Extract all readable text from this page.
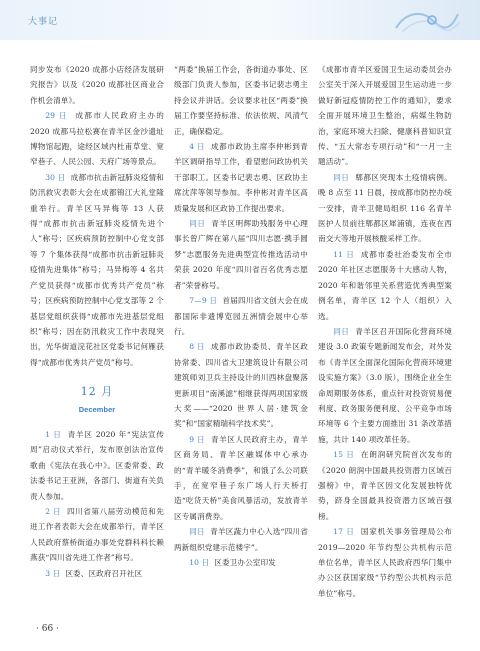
大事记

同步发布《2020 成都小店经济发展研究报告》以及《2020 成都社区商业合作机会清单》。

29 日 成都市人民政府主办的 2020 成都马拉松赛在青羊区金沙遗址博物馆起跑，途经区域内杜甫草堂、宽窄巷子、人民公园、天府广场等景点。

30 日 成都市抗击新冠肺炎疫情和防汛救灾表彰大会在成都锦江大礼堂隆重举行。青羊区马异梅等 13 人获得“成都市抗击新冠肺炎疫情先进个人”称号；区疾病预防控制中心党支部等 7 个集体获得“成都市抗击新冠肺炎疫情先进集体”称号；马异梅等 4 名共产党员获得“成都市优秀共产党员”称号；区疾病预防控制中心党支部等 2 个基层党组织获得“成都市先进基层党组织”称号；因在防汛救灾工作中表现突出，光华街道浣花社区党委书记何雁获得“成都市优秀共产党员”称号。

12 月
December

1 日 青羊区 2020 年“宪法宣传周”启动仪式举行，发布原创法治宣传歌曲《宪法在我心中》。区委常委、政法委书记王亚洲，各部门、街道有关负责人参加。

2 日 四川省第八届劳动模范和先进工作者表彰大会在成都举行，青羊区人民政府蔡桥街道办事处党群科科长赖燕获“四川省先进工作者”称号。

3 日 区委、区政府召开社区

“两委”换届工作会，各街道办事处、区级部门负责人参加，区委书记裴志勇主持会议并讲话。会议要求社区“两委”换届工作要坚持标准、依法依规、风清气正，确保稳定。

4 日 成都市政协主席李仲彬到青羊区调研指导工作，看望慰问政协机关干部职工。区委书记裴志勇、区政协主席沈萍等领导参加。李仲彬对青羊区高质量发展和区政协工作提出要求。

同日 青羊区明辉助残服务中心理事长曾广辉在第八届“四川志愿·携手圆梦”志愿服务先进典型宣传推选活动中荣获 2020 年度“四川省百名优秀志愿者”荣誉称号。

7—9 日 首届四川省文创大会在成都国际非遗博览园五洲情会展中心举行。

8 日 成都市政协委员、青羊区政协常委、四川省大卫建筑设计有限公司建筑师刘卫兵主持设计的川西林盘聚落更新项目“南溪滤”相继获得两项国家级大奖——“2020 世界人居·建筑金奖”和“国家精瑞科学技术奖”。

9 日 青羊区人民政府主办，青羊区商务局、青羊区融媒体中心承办的“青羊暖冬消费季”，和饿了么公司联手，在宽窄巷子东广场人行天桥打造“吃货天桥”美食风暴活动，发放青羊区专属消费券。

同日 青羊区蔬力中心入选“四川省两新组织党建示范楼宇”。

10 日 区委卫办公室印发

《成都市青羊区爱国卫生运动委员会办公室关于深入开展爱国卫生运动进一步做好新冠疫情防控工作的通知》，要求全面开展环境卫生整治，病媒生物防治，家庭环境大扫除、健康科普知识宣传、“五大常态专项行动”和“一月一主题活动”。

同日 郫都区突现本土疫情病例。晚 8 点至 11 日晨，按成都市防控办统一安排，青羊卫健局组织 116 名青羊医护人员前往郫都区犀浦镇，连夜在西南交大等地开展核酸采样工作。

11 日 成都市委社治委发布全市 2020 年社区志愿服务十大感动人物，2020 年和谐邻里关系营造优秀典型案例名单，青羊区 12 个人（组织）入选。

同日 青羊区召开国际化营商环境建设 3.0 政策专题新闻发布会，对外发布《青羊区全面深化国际化营商环境建设实施方案》（3.0 版），围绕企业全生命周期服务体系，重点针对投资贸易便利度、政务服务便利度、公平竞争市场环境等 6 个主要方面推出 31 条改革措施，共计 140 项改革任务。

15 日 在朗润研究院首次发布的《2020 朗润中国最具投资潜力区域百强榜》中，青羊区因文化发展独特优势，跻身全国最具投资潜力区域百强榜。

17 日 国家机关事务管理局公布 2019—2020 年节约型公共机构示范单位名单，青羊区人民政府西华门集中办公区获国家级“节约型公共机构示范单位”称号。

· 66 ·
